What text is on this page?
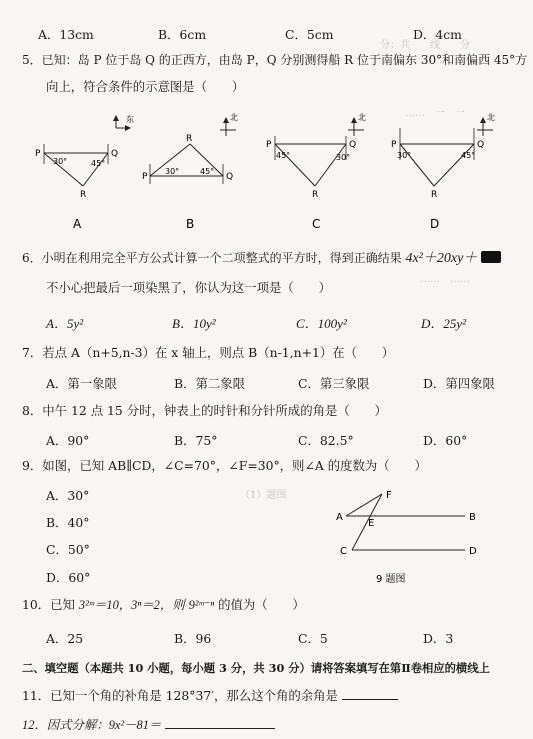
分：共　　线　　分
……　一　一
……　……
（1）题图
A．13cm	B．6cm	C．5cm	D．4cm
5．已知：岛 P 位于岛 Q 的正西方，由岛 P，Q 分别测得船 R 位于南偏东 30°和南偏西 45°方
向上，符合条件的示意图是（　　）
东
30°	45°
P	Q
R
A
北
30°	45°
P	Q
R
B
北
45°	30°
P	Q
R
C
北
30°	45°
P	Q
R
D
6．小明在利用完全平方公式计算一个二项整式的平方时，得到正确结果 4x²＋20xy＋
不小心把最后一项染黑了，你认为这一项是（　　）
A．5y²	B．10y²	C．100y²	D．25y²
7．若点 A（n+5,n-3）在 x 轴上，则点 B（n-1,n+1）在（　　）
A．第一象限	B．第二象限	C．第三象限	D．第四象限
8．中午 12 点 15 分时，钟表上的时针和分针所成的角是（　　）
A．90°	B．75°	C．82.5°	D．60°
9．如图，已知 AB∥CD，∠C=70°，∠F=30°，则∠A 的度数为（　　）
A．30°
B．40°
C．50°
D．60°
F
A
E
B
C	D
9 题图
10．已知 3²ᵐ＝10，3ⁿ＝2，则 9²ᵐ⁻ⁿ 的值为（　　）
A．25	B．96	C．5	D．3
二、填空题（本题共 10 小题，每小题 3 分，共 30 分）请将答案填写在第Ⅱ卷相应的横线上
11．已知一个角的补角是 128°37′，那么这个角的余角是
12．因式分解：9x²－81＝
